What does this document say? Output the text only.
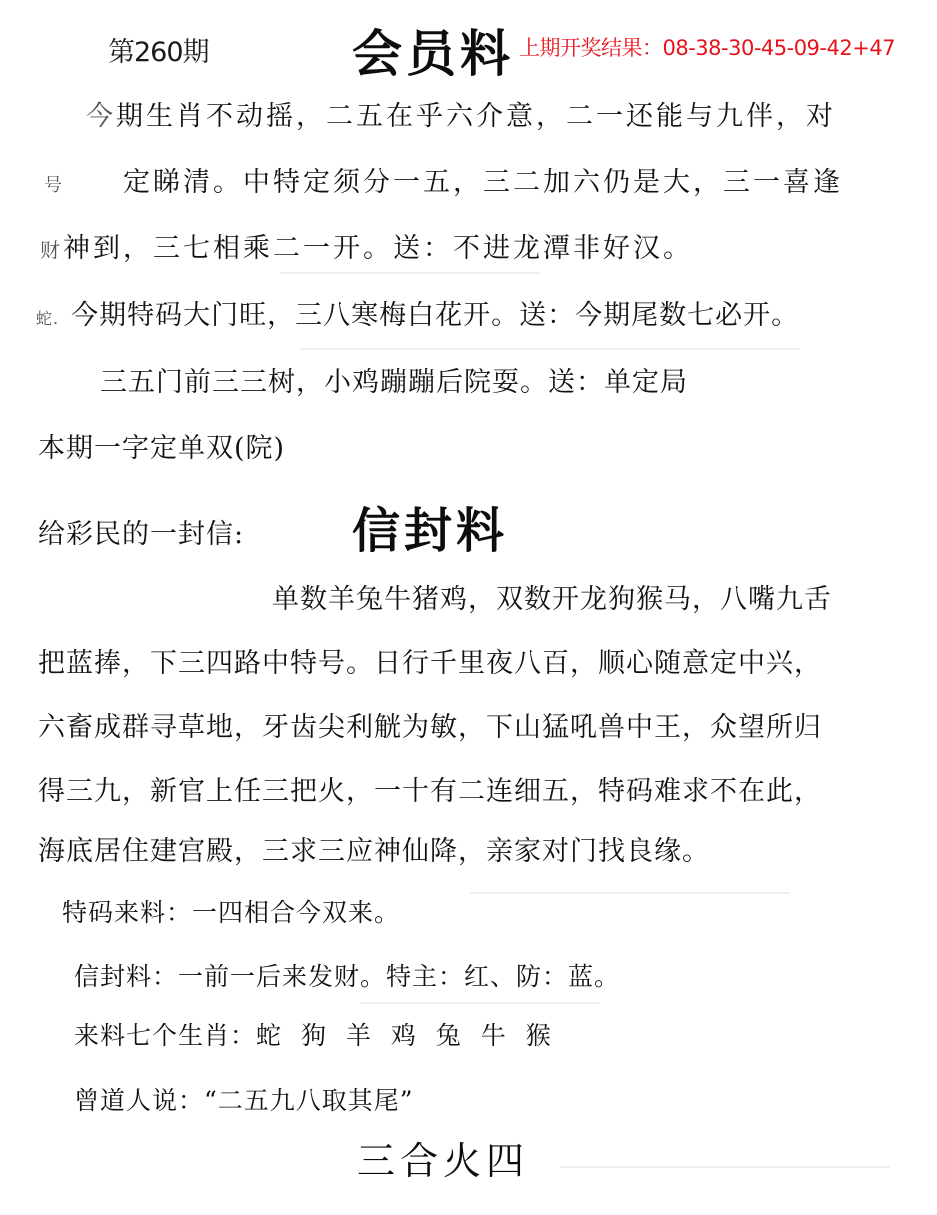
第260期	会员料 上期开奖结果：08-38-30-45-09-42+47
今期生肖不动摇，二五在乎六介意，二一还能与九伴，对
号 定睇清。中特定须分一五，三二加六仍是大，三一喜逢
财神到，三七相乘二一开。送：不进龙潭非好汉。
蛇. 今期特码大门旺，三八寒梅白花开。送：今期尾数七必开。
三五门前三三树，小鸡蹦蹦后院耍。送：单定局
本期一字定单双(院)
给彩民的一封信: 信封料
单数羊兔牛猪鸡，双数开龙狗猴马，八嘴九舌
把蓝捧，下三四路中特号。日行千里夜八百，顺心随意定中兴，
六畜成群寻草地，牙齿尖利觥为敏，下山猛吼兽中王，众望所归
得三九，新官上任三把火，一十有二连细五，特码难求不在此，
海底居住建宫殿，三求三应神仙降，亲家对门找良缘。
特码来料：一四相合今双来。
信封料：一前一后来发财。特主：红、防：蓝。
来料七个生肖：蛇 狗 羊 鸡 兔 牛 猴
曾道人说：“二五九八取其尾”
三合火四
